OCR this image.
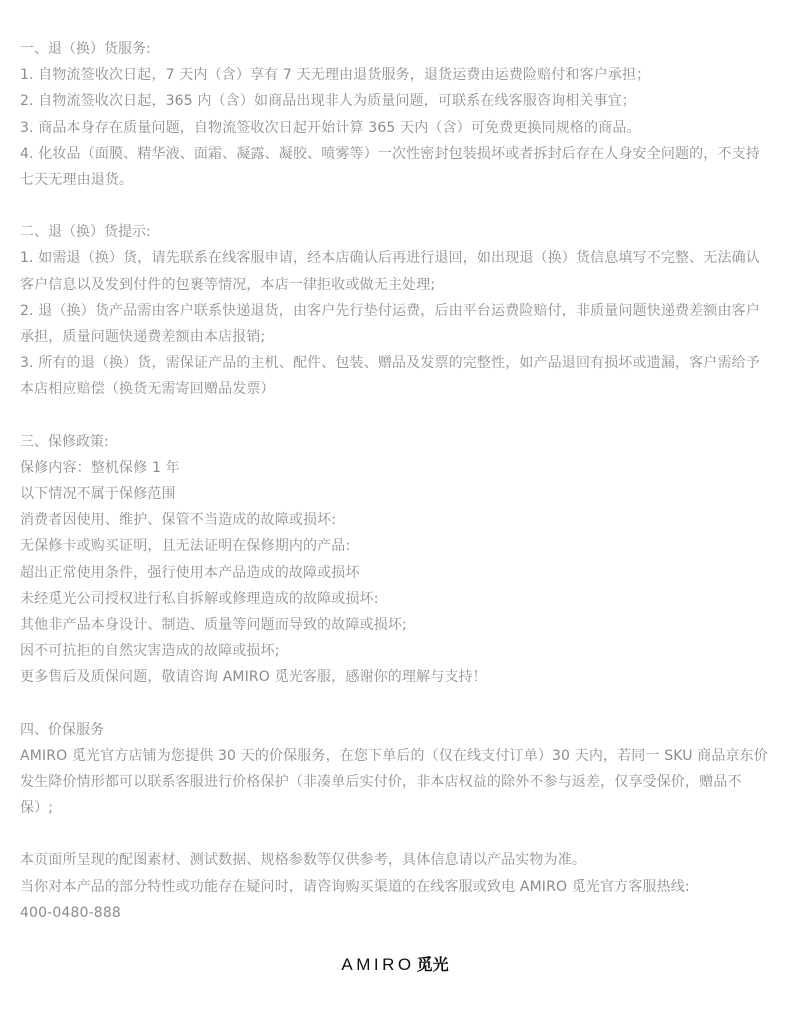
一、退（换）货服务:
1. 自物流签收次日起，7 天内（含）享有 7 天无理由退货服务，退货运费由运费险赔付和客户承担；
2. 自物流签收次日起，365 内（含）如商品出现非人为质量问题，可联系在线客服咨询相关事宜；
3. 商品本身存在质量问题，自物流签收次日起开始计算 365 天内（含）可免费更换同规格的商品。
4. 化妆品（面膜、精华液、面霜、凝露、凝胶、喷雾等）一次性密封包装损坏或者拆封后存在人身安全问题的，不支持七天无理由退货。
二、退（换）货提示:
1. 如需退（换）货，请先联系在线客服申请，经本店确认后再进行退回，如出现退（换）货信息填写不完整、无法确认客户信息以及发到付件的包裹等情况，本店一律拒收或做无主处理;
2. 退（换）货产品需由客户联系快递退货，由客户先行垫付运费，后由平台运费险赔付，非质量问题快递费差额由客户承担，质量问题快递费差额由本店报销;
3. 所有的退（换）货，需保证产品的主机、配件、包装、赠品及发票的完整性，如产品退回有损坏或遗漏，客户需给予本店相应赔偿（换货无需寄回赠品发票）
三、保修政策:
保修内容：整机保修 1 年
以下情况不属于保修范围
消费者因使用、维护、保管不当造成的故障或损坏:
无保修卡或购买证明，且无法证明在保修期内的产品:
超出正常使用条件，强行使用本产品造成的故障或损坏
未经觅光公司授权进行私自拆解或修理造成的故障或损坏:
其他非产品本身设计、制造、质量等问题而导致的故障或损坏;
因不可抗拒的自然灾害造成的故障或损坏;
更多售后及质保问题，敬请咨询 AMIRO 觅光客服，感谢你的理解与支持！
四、价保服务
AMIRO 觅光官方店铺为您提供 30 天的价保服务，在您下单后的（仅在线支付订单）30 天内，若同一 SKU 商品京东价发生降价情形都可以联系客服进行价格保护（非凑单后实付价，非本店权益的除外不参与返差，仅享受保价，赠品不保）;
本页面所呈现的配图素材、测试数据、规格参数等仅供参考，具体信息请以产品实物为准。
当你对本产品的部分特性或功能存在疑问时，请咨询购买渠道的在线客服或致电 AMIRO 觅光官方客服热线:
400-0480-888
AMIRO 觅光
